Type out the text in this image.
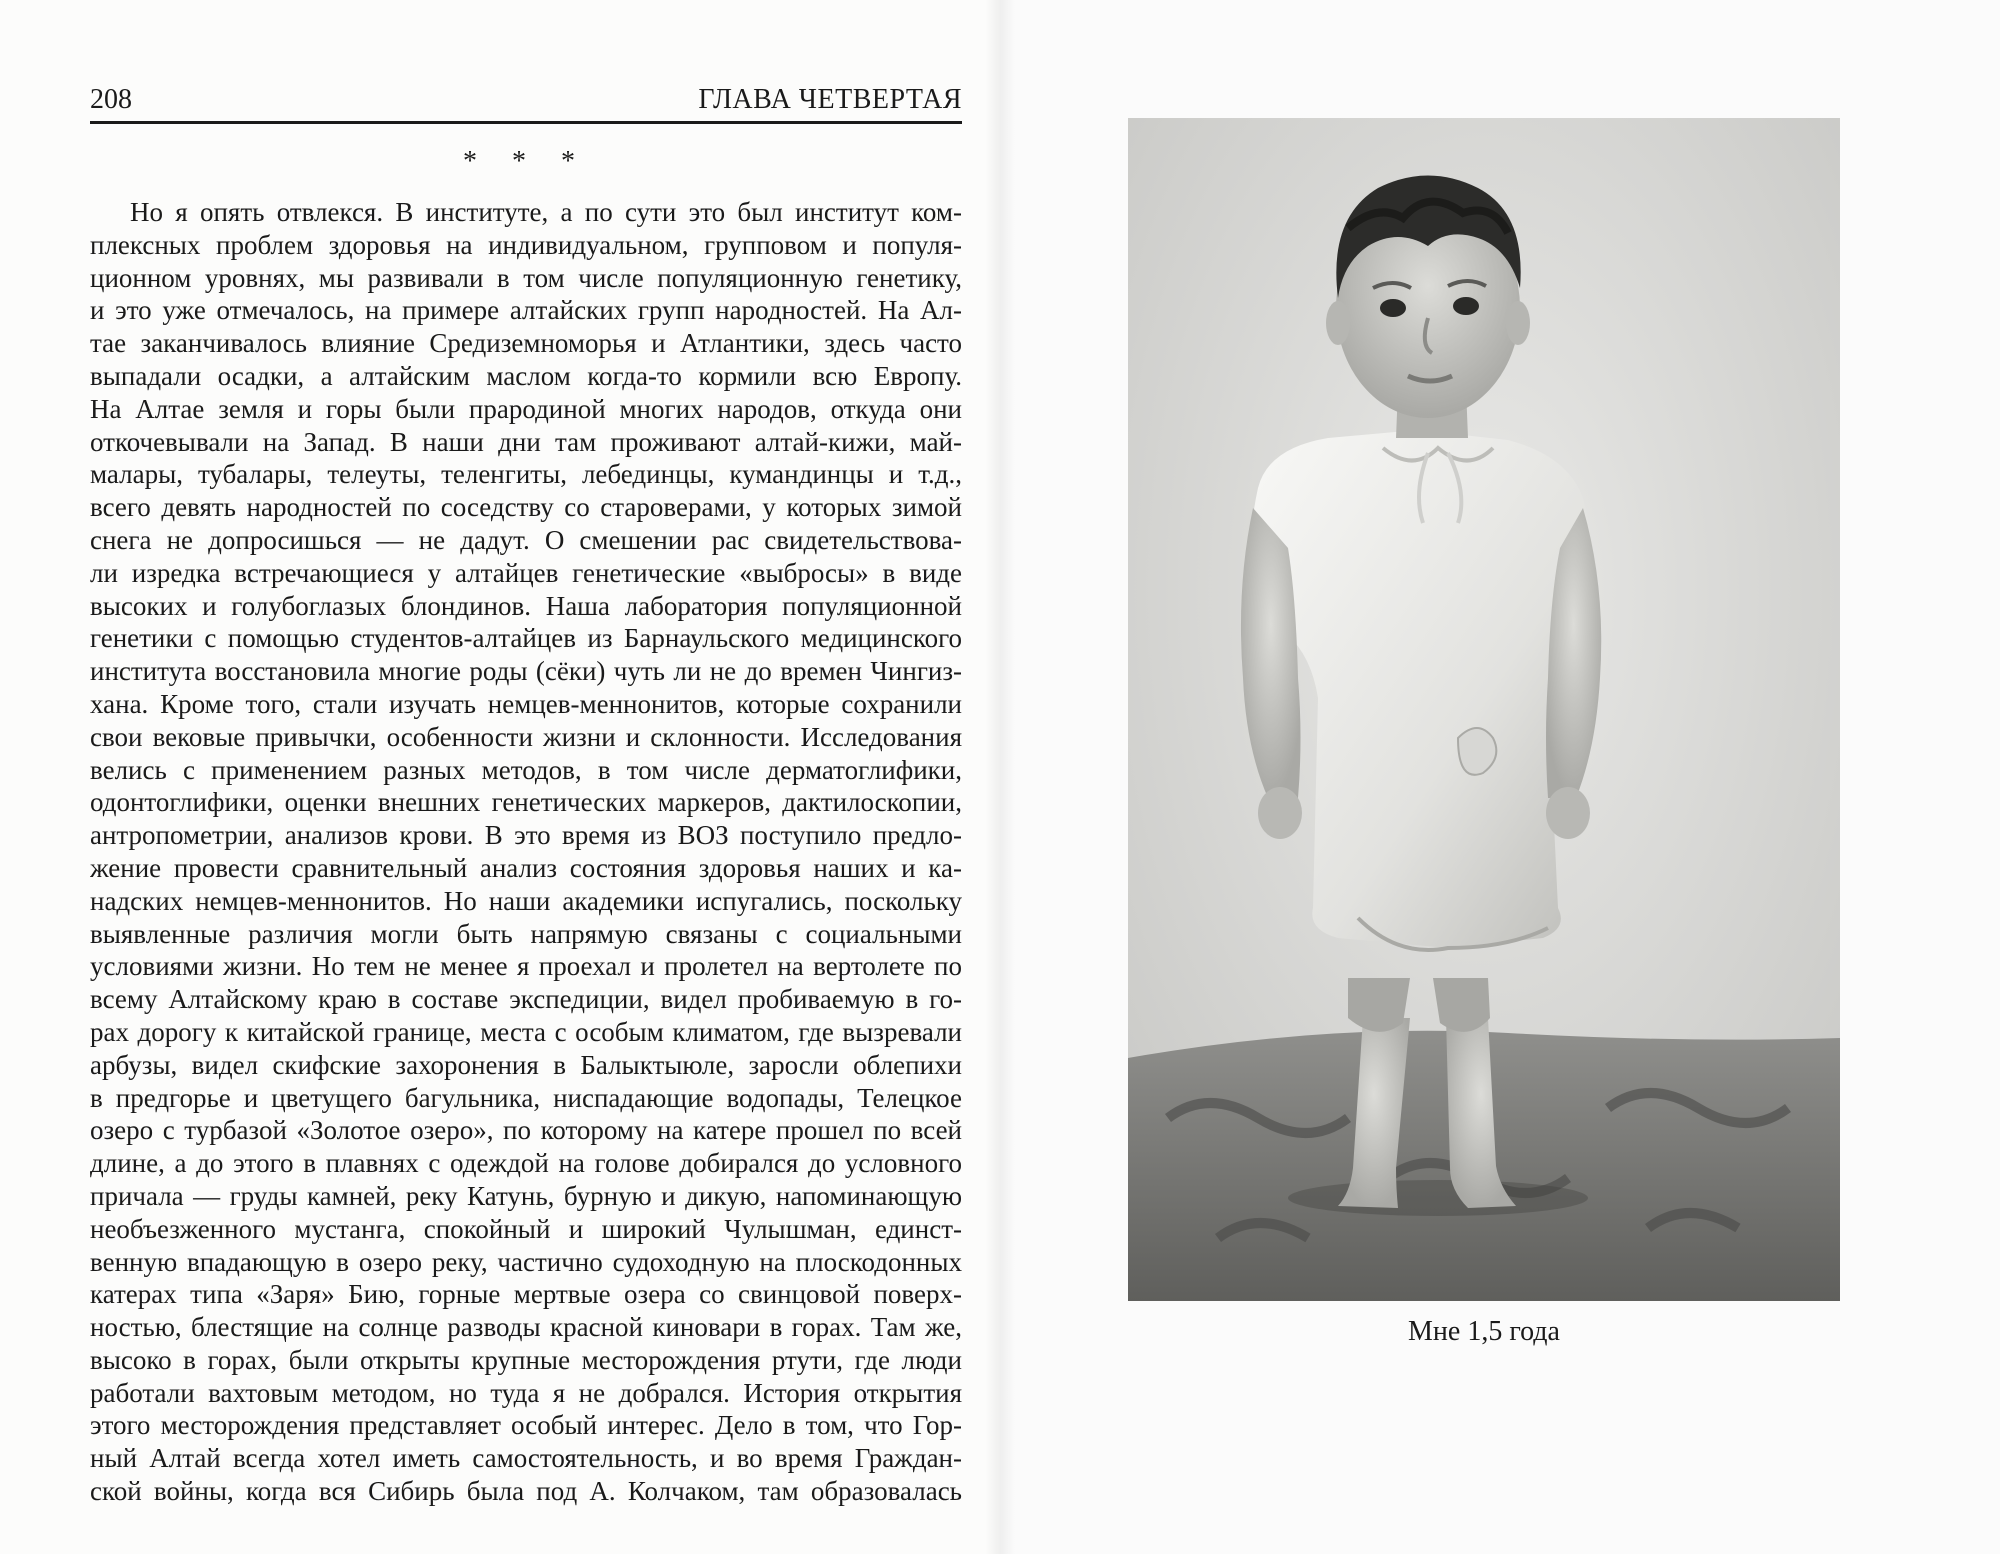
208	ГЛАВА ЧЕТВЕРТАЯ
* * *
Но я опять отвлекся. В институте, а по сути это был институт ком-
плексных проблем здоровья на индивидуальном, групповом и популя-
ционном уровнях, мы развивали в том числе популяционную генетику,
и это уже отмечалось, на примере алтайских групп народностей. На Ал-
тае заканчивалось влияние Средиземноморья и Атлантики, здесь часто
выпадали осадки, а алтайским маслом когда-то кормили всю Европу.
На Алтае земля и горы были прародиной многих народов, откуда они
откочевывали на Запад. В наши дни там проживают алтай-кижи, май-
малары, тубалары, телеуты, теленгиты, лебединцы, кумандинцы и т.д.,
всего девять народностей по соседству со староверами, у которых зимой
снега не допросишься — не дадут. О смешении рас свидетельствова-
ли изредка встречающиеся у алтайцев генетические «выбросы» в виде
высоких и голубоглазых блондинов. Наша лаборатория популяционной
генетики с помощью студентов-алтайцев из Барнаульского медицинского
института восстановила многие роды (сёки) чуть ли не до времен Чингиз-
хана. Кроме того, стали изучать немцев-меннонитов, которые сохранили
свои вековые привычки, особенности жизни и склонности. Исследования
велись с применением разных методов, в том числе дерматоглифики,
одонтоглифики, оценки внешних генетических маркеров, дактилоскопии,
антропометрии, анализов крови. В это время из ВОЗ поступило предло-
жение провести сравнительный анализ состояния здоровья наших и ка-
надских немцев-меннонитов. Но наши академики испугались, поскольку
выявленные различия могли быть напрямую связаны с социальными
условиями жизни. Но тем не менее я проехал и пролетел на вертолете по
всему Алтайскому краю в составе экспедиции, видел пробиваемую в го-
рах дорогу к китайской границе, места с особым климатом, где вызревали
арбузы, видел скифские захоронения в Балыктыюле, заросли облепихи
в предгорье и цветущего багульника, ниспадающие водопады, Телецкое
озеро с турбазой «Золотое озеро», по которому на катере прошел по всей
длине, а до этого в плавнях с одеждой на голове добирался до условного
причала — груды камней, реку Катунь, бурную и дикую, напоминающую
необъезженного мустанга, спокойный и широкий Чулышман, единст-
венную впадающую в озеро реку, частично судоходную на плоскодонных
катерах типа «Заря» Бию, горные мертвые озера со свинцовой поверх-
ностью, блестящие на солнце разводы красной киновари в горах. Там же,
высоко в горах, были открыты крупные месторождения ртути, где люди
работали вахтовым методом, но туда я не добрался. История открытия
этого месторождения представляет особый интерес. Дело в том, что Гор-
ный Алтай всегда хотел иметь самостоятельность, и во время Граждан-
ской войны, когда вся Сибирь была под А. Колчаком, там образовалась
Мне 1,5 года
